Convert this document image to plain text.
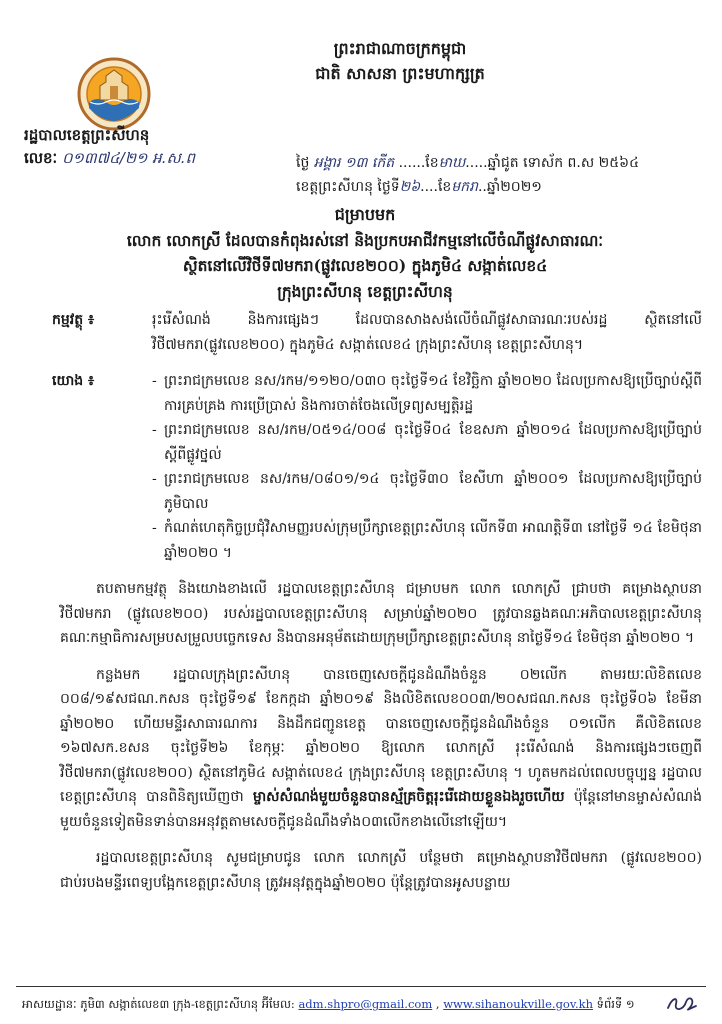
ព្រះរាជាណាចក្រកម្ពុជា
ជាតិ សាសនា ព្រះមហាក្សត្រ
រដ្ឋបាលខេត្តព្រះសីហនុ
លេខៈ ០១៣៧៤/២១ អ.ស.ព	ថ្ងៃ អង្គារ ១៣ កើត ......ខែមាឃ.....ឆ្នាំជូត ទោស័ក ព.ស ២៥៦៤
ខេត្តព្រះសីហនុ ថ្ងៃទី២៦....ខែមករា..ឆ្នាំ២០២១
ជម្រាបមក
លោក លោកស្រី ដែលបានកំពុងរស់នៅ និងប្រកបអាជីវកម្មនៅលើចំណីផ្លូវសាធារណៈ
ស្ថិតនៅលើវិថីទី៧មករា(ផ្លូវលេខ២០០) ក្នុងភូមិ៤ សង្កាត់លេខ៤
ក្រុងព្រះសីហនុ ខេត្តព្រះសីហនុ
កម្មវត្ថុ ៖	រុះរើសំណង់ និងការផ្សេងៗ ដែលបានសាងសង់លើចំណីផ្លូវសាធារណៈរបស់រដ្ឋ ស្ថិតនៅលើវិថី៧មករា(ផ្លូវលេខ២០០) ក្នុងភូមិ៤ សង្កាត់លេខ៤ ក្រុងព្រះសីហនុ ខេត្តព្រះសីហនុ។
យោង ៖
-	ព្រះរាជក្រមលេខ នស/រកម/១១២០/០៣០ ចុះថ្ងៃទី១៤ ខែវិច្ឆិកា ឆ្នាំ២០២០ ដែលប្រកាសឱ្យប្រើច្បាប់ស្ដីពីការគ្រប់គ្រង ការប្រើប្រាស់ និងការចាត់ចែងលើទ្រព្យសម្បត្តិរដ្ឋ
- ព្រះរាជក្រមលេខ នស/រកម/០៥១៤/០០៨ ចុះថ្ងៃទី០៤ ខែឧសភា ឆ្នាំ២០១៤ ដែលប្រកាសឱ្យប្រើច្បាប់ស្ដីពីផ្លូវថ្នល់
- ព្រះរាជក្រមលេខ នស/រកម/០៨០១/១៤ ចុះថ្ងៃទី៣០ ខែសីហា ឆ្នាំ២០០១ ដែលប្រកាសឱ្យប្រើច្បាប់ភូមិបាល
- កំណត់ហេតុកិច្ចប្រជុំវិសាមញ្ញរបស់ក្រុមប្រឹក្សាខេត្តព្រះសីហនុ លើកទី៣ អាណត្តិទី៣ នៅថ្ងៃទី ១៤ ខែមិថុនា ឆ្នាំ២០២០ ។

តបតាមកម្មវត្ថុ និងយោងខាងលើ រដ្ឋបាលខេត្តព្រះសីហនុ ជម្រាបមក លោក លោកស្រី ជ្រាបថា គម្រោងស្ថាបនាវិថី៧មករា (ផ្លូវលេខ២០០) របស់រដ្ឋបាលខេត្តព្រះសីហនុ សម្រាប់ឆ្នាំ២០២០ ត្រូវបានឆ្លងគណៈអភិបាលខេត្តព្រះសីហនុ គណៈកម្មាធិការសម្របសម្រួលបច្ចេកទេស និងបានអនុម័តដោយក្រុមប្រឹក្សាខេត្តព្រះសីហនុ នាថ្ងៃទី១៤ ខែមិថុនា ឆ្នាំ២០២០ ។

កន្លងមក រដ្ឋបាលក្រុងព្រះសីហនុ បានចេញសេចក្ដីជូនដំណឹងចំនួន ០២លើក តាមរយៈលិខិតលេខ ០០៨/១៩សជណ.កសន ចុះថ្ងៃទី១៩ ខែកក្កដា ឆ្នាំ២០១៩ និងលិខិតលេខ០០៣/២០សជណ.កសន ចុះថ្ងៃទី០៦ ខែមីនា ឆ្នាំ២០២០ ហើយមន្ទីរសាធារណការ និងដឹកជញ្ជូនខេត្ត បានចេញសេចក្ដីជូនដំណឹងចំនួន ០១លើក គឺលិខិតលេខ ១៦៧សក.ខសន ចុះថ្ងៃទី២៦ ខែកុម្ភៈ ឆ្នាំ២០២០ ឱ្យលោក លោកស្រី រុះរើសំណង់ និងការផ្សេងៗចេញពីវិថី៧មករា(ផ្លូវលេខ២០០) ស្ថិតនៅភូមិ៤ សង្កាត់លេខ៤ ក្រុងព្រះសីហនុ ខេត្តព្រះសីហនុ ។ ហូតមកដល់ពេលបច្ចុប្បន្ន រដ្ឋបាលខេត្តព្រះសីហនុ បានពិនិត្យឃើញថា ម្ចាស់សំណង់មួយចំនួនបានស្ម័គ្រចិត្តរុះរើដោយខ្លួនឯងរួចហើយ ប៉ុន្តែនៅមានម្ចាស់សំណង់មួយចំនួនទៀតមិនទាន់បានអនុវត្តតាមសេចក្ដីជូនដំណឹងទាំង០៣លើកខាងលើនៅឡើយ។

រដ្ឋបាលខេត្តព្រះសីហនុ សូមជម្រាបជូន លោក លោកស្រី បន្ថែមថា គម្រោងស្ថាបនាវិថី៧មករា (ផ្លូវលេខ២០០) ជាប់របងមន្ទីរពេទ្យបង្អែកខេត្តព្រះសីហនុ ត្រូវអនុវត្តក្នុងឆ្នាំ២០២០ ប៉ុន្តែត្រូវបានអូសបន្លាយ

អាសយដ្ឋានៈ ភូមិ៣ សង្កាត់លេខ៣ ក្រុង-ខេត្តព្រះសីហនុ អ៊ីមែល: adm.shpro@gmail.com , www.sihanoukville.gov.kh ទំព័រទី ១
